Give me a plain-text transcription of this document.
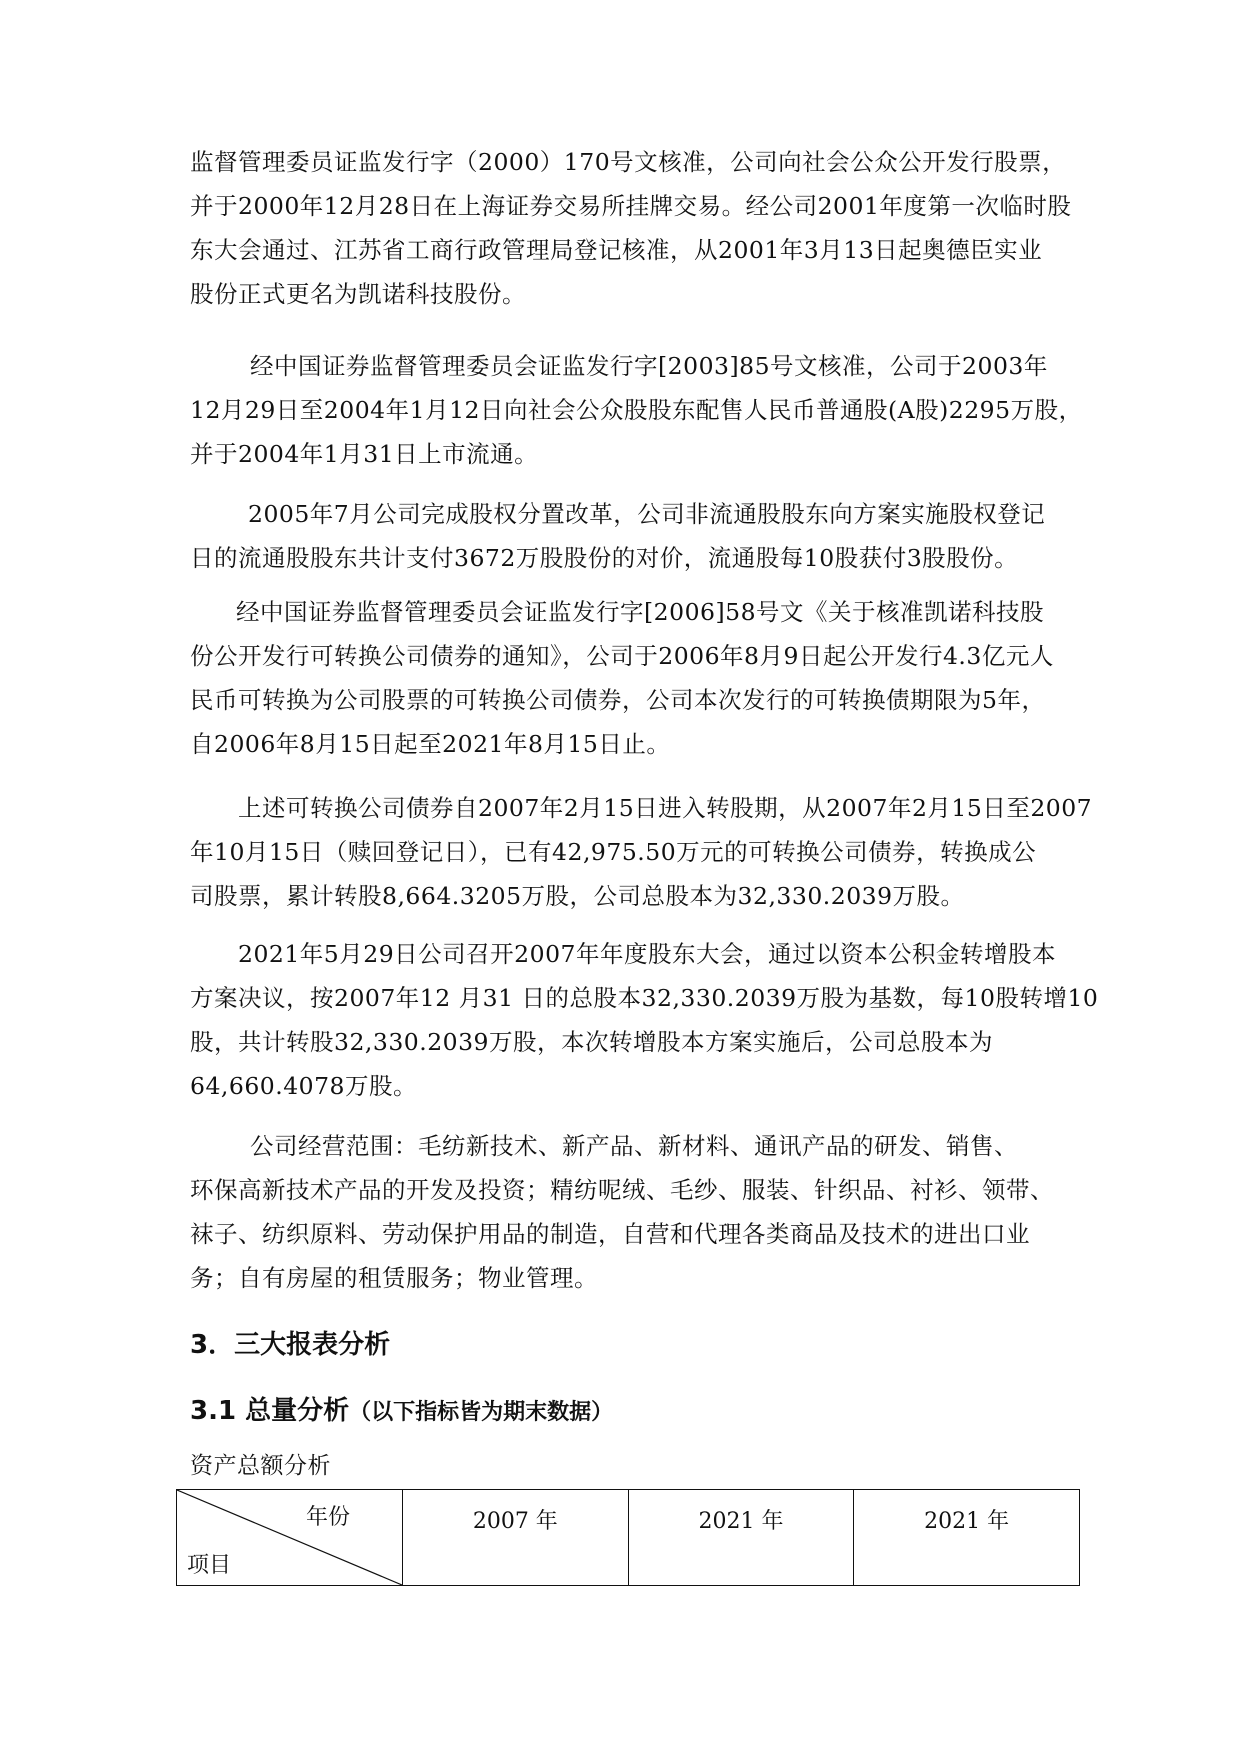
监督管理委员证监发行字（2000）170号文核准，公司向社会公众公开发行股票，
并于2000年12月28日在上海证券交易所挂牌交易。经公司2001年度第一次临时股
东大会通过、江苏省工商行政管理局登记核准，从2001年3月13日起奥德臣实业
股份正式更名为凯诺科技股份。
经中国证券监督管理委员会证监发行字[2003]85号文核准，公司于2003年
12月29日至2004年1月12日向社会公众股股东配售人民币普通股(A股)2295万股，
并于2004年1月31日上市流通。
2005年7月公司完成股权分置改革，公司非流通股股东向方案实施股权登记
日的流通股股东共计支付3672万股股份的对价，流通股每10股获付3股股份。
经中国证券监督管理委员会证监发行字[2006]58号文《关于核准凯诺科技股
份公开发行可转换公司债券的通知》，公司于2006年8月9日起公开发行4.3亿元人
民币可转换为公司股票的可转换公司债券，公司本次发行的可转换债期限为5年，
自2006年8月15日起至2021年8月15日止。
上述可转换公司债券自2007年2月15日进入转股期，从2007年2月15日至2007
年10月15日（赎回登记日），已有42,975.50万元的可转换公司债券，转换成公
司股票，累计转股8,664.3205万股，公司总股本为32,330.2039万股。
2021年5月29日公司召开2007年年度股东大会，通过以资本公积金转增股本
方案决议，按2007年12 月31 日的总股本32,330.2039万股为基数，每10股转增10
股，共计转股32,330.2039万股，本次转增股本方案实施后，公司总股本为
64,660.4078万股。
公司经营范围：毛纺新技术、新产品、新材料、通讯产品的研发、销售、
环保高新技术产品的开发及投资；精纺呢绒、毛纱、服装、针织品、衬衫、领带、
袜子、纺织原料、劳动保护用品的制造，自营和代理各类商品及技术的进出口业
务；自有房屋的租赁服务；物业管理。
3．三大报表分析
3.1 总量分析（以下指标皆为期末数据）
资产总额分析
年份
项目
	2007 年	2021 年	2021 年
